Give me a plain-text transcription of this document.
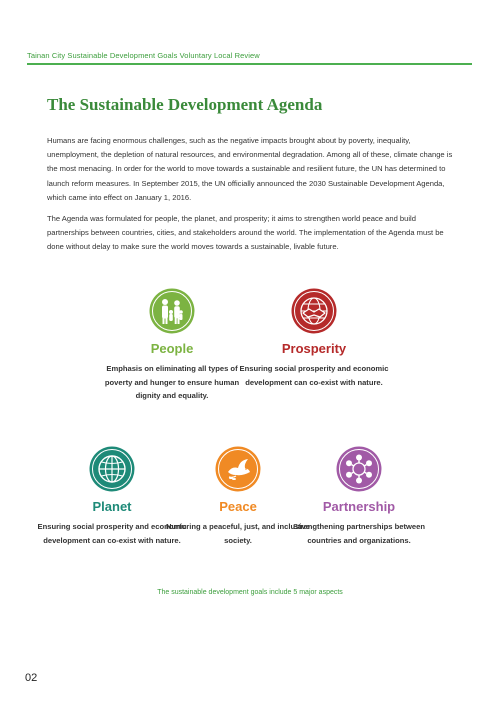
Tainan City Sustainable Development Goals Voluntary Local Review
The Sustainable Development Agenda

Humans are facing enormous challenges, such as the negative impacts brought about by poverty, inequality, unemployment, the depletion of natural resources, and environmental degradation. Among all of these, climate change is the most menacing. In order for the world to move towards a sustainable and resilient future, the UN has determined to launch reform measures. In September 2015, the UN officially announced the 2030 Sustainable Development Agenda, which came into effect on January 1, 2016.

The Agenda was formulated for people, the planet, and prosperity; it aims to strengthen world peace and build partnerships between countries, cities, and stakeholders around the world. The implementation of the Agenda must be done without delay to make sure the world moves towards a sustainable, livable future.

People
Emphasis on eliminating all types of poverty and hunger to ensure human dignity and equality.
Prosperity
Ensuring social prosperity and economic development can co-exist with nature.
Planet
Ensuring social prosperity and economic development can co-exist with nature.
Peace
Nurturing a peaceful, just, and inclusive society.
Partnership
Strengthening partnerships between countries and organizations.
The sustainable development goals include 5 major aspects
02
